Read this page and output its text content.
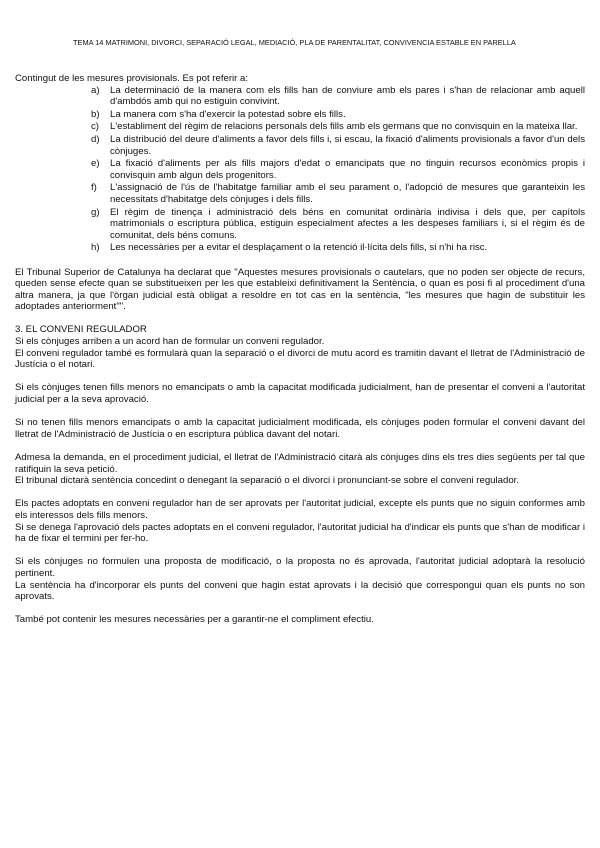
TEMA 14 MATRIMONI, DIVORCI, SEPARACIÓ LEGAL, MEDIACIÓ, PLA DE PARENTALITAT, CONVIVENCIA ESTABLE EN PARELLA

Contingut de les mesures provisionals. Es pot referir a:

a) La determinació de la manera com els fills han de conviure amb els pares i s'han de relacionar amb aquell d'ambdós amb qui no estiguin convivint.
b) La manera com s'ha d'exercir la potestad sobre els fills.
c) L'establiment del règim de relacions personals dels fills amb els germans que no convisquin en la mateixa llar.
d) La distribució del deure d'aliments a favor dels fills i, si escau, la fixació d'aliments provisionals a favor d'un dels cònjuges.
e) La fixació d'aliments per als fills majors d'edat o emancipats que no tinguin recursos econòmics propis i convisquin amb algun dels progenitors.
f) L'assignació de l'ús de l'habitatge familiar amb el seu parament o, l'adopció de mesures que garanteixin les necessitats d'habitatge dels cònjuges i dels fills.
g) El règim de tinença i administració dels béns en comunitat ordinària indivisa i dels que, per capítols matrimonials o escriptura pública, estiguin especialment afectes a les despeses familiars i, si el règim és de comunitat, dels béns comuns.
h) Les necessàries per a evitar el desplaçament o la retenció il·lícita dels fills, si n'hi ha risc.

El Tribunal Superior de Catalunya ha declarat que "Aquestes mesures provisionals o cautelars, que no poden ser objecte de recurs, queden sense efecte quan se substitueixen per les que estableixi definitivament la Sentència, o quan es posi fi al procediment d'una altra manera, ja que l'òrgan judicial està obligat a resoldre en tot cas en la sentència, "les mesures que hagin de substituir les adoptades anteriorment"".

3. EL CONVENI REGULADOR

Si els cònjuges arriben a un acord han de formular un conveni regulador.

El conveni regulador també es formularà quan la separació o el divorci de mutu acord es tramitin davant el lletrat de l'Administració de Justícia o el notari.

Si els cònjuges tenen fills menors no emancipats o amb la capacitat modificada judicialment, han de presentar el conveni a l'autoritat judicial per a la seva aprovació.

Si no tenen fills menors emancipats o amb la capacitat judicialment modificada, els cònjuges poden formular el conveni davant del lletrat de l'Administració de Justícia o en escriptura pública davant del notari.

Admesa la demanda, en el procediment judicial, el lletrat de l'Administració citarà als cònjuges dins els tres dies següents per tal que ratifiquin la seva petició.

El tribunal dictarà sentència concedint o denegant la separació o el divorci i pronunciant-se sobre el conveni regulador.

Els pactes adoptats en conveni regulador han de ser aprovats per l'autoritat judicial, excepte els punts que no siguin conformes amb els interessos dels fills menors.

Si se denega l'aprovació dels pactes adoptats en el conveni regulador, l'autoritat judicial ha d'indicar els punts que s'han de modificar i ha de fixar el termini per fer-ho.

Si els cònjuges no formulen una proposta de modificació, o la proposta no és aprovada, l'autoritat judicial adoptarà la resolució pertinent.

La sentència ha d'incorporar els punts del conveni que hagin estat aprovats i la decisió que correspongui quan els punts no son aprovats.

També pot contenir les mesures necessàries per a garantir-ne el compliment efectiu.
